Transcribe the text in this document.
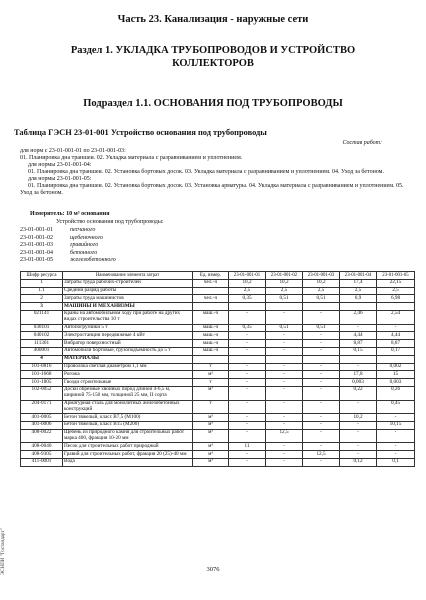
Часть 23. Канализация - наружные сети
Раздел 1. УКЛАДКА ТРУБОПРОВОДОВ И УСТРОЙСТВО КОЛЛЕКТОРОВ
Подраздел 1.1. ОСНОВАНИЯ ПОД ТРУБОПРОВОДЫ
Таблица ГЭСН 23-01-001 Устройство основания под трубопроводы
Состав работ:
для норм с 23-01-001-01 по 23-01-001-03:
01. Планировка дна траншеи. 02. Укладка материала с разравниванием и уплотнением.
для нормы 23-01-001-04:
01. Планировка дна траншеи. 02. Установка бортовых досок. 03. Укладка материала с разравниванием и уплотнением. 04. Уход за бетоном.
для нормы 23-01-001-05:
01. Планировка дна траншеи. 02. Установка бортовых досок. 03. Установка арматуры. 04. Укладка материала с разравниванием и уплотнением. 05. Уход за бетоном.
Измеритель: 10 м³ основания
Устройство основания под трубопроводы:
23-01-001-01	песчаного
23-01-001-02	щебеночного
23-01-001-03	гравийного
23-01-001-04	бетонного
23-01-001-05	железобетонного
Шифр ресурса	Наименование элемента затрат	Ед. измер.	23-01-001-01	23-01-001-02	23-01-001-03	23-01-001-04	23-01-001-05
1	Затраты труда рабочих-строителей	чел.-ч	10,2	10,2	10,2	17,4	22,15
1.1	Средний разряд работы		2,5	2,5	2,5	2,5	2,5
2	Затраты труда машинистов	чел.-ч	0,35	0,51	0,51	6,9	6,98
3	МАШИНЫ И МЕХАНИЗМЫ						
021141	Краны на автомобильном ходу при работе на других видах строительства 10 т	маш.-ч	-	-	-	2,46	2,54
030101	Автопогрузчики 5 т	маш.-ч	0,35	0,51	0,51	-	-
040102	Электростанции передвижные 4 кВт	маш.-ч	-	-	-	4,44	4,44
111301	Вибратор поверхностный	маш.-ч	-	-	-	8,87	8,87
400001	Автомобили бортовые, грузоподъемность до 5 т	маш.-ч	-	-	-	0,15	0,17
4	МАТЕРИАЛЫ						
101-0816	Проволока светлая диаметром 1,1 мм	т	-	-	-	-	0,002
101-1668	Рогожа	м²	-	-	-	17,8	15
101-1805	Гвозди строительные	т	-	-	-	0,003	0,003
102-0052	Доски обрезные хвойных пород длиной 4-6,5 м, шириной 75-150 мм, толщиной 25 мм, II сорта	м³	-	-	-	0,22	0,26
204-0171	Арматурная сталь для монолитных железобетонных конструкций	т	-	-	-	-	0,45
401-0005	Бетон тяжелый, класс В7,5 (М100)	м³	-	-	-	10,2	-
401-0006	Бетон тяжелый, класс В15 (М200)	м³	-	-	-	-	10,15
408-0022	Щебень из природного камня для строительных работ марка 400, фракция 10-20 мм	м³	-	12,5	-	-	-
408-0040	Песок для строительных работ природный	м³	11	-	-	-	-
408-9305	Гравий для строительных работ, фракция 20 (25)-40 мм	м³	-	-	12,5	-	-
411-0001	Вода	м³	-	-	-	0,12	0,1
3076
ЭСНПИ "Гостандарт"
